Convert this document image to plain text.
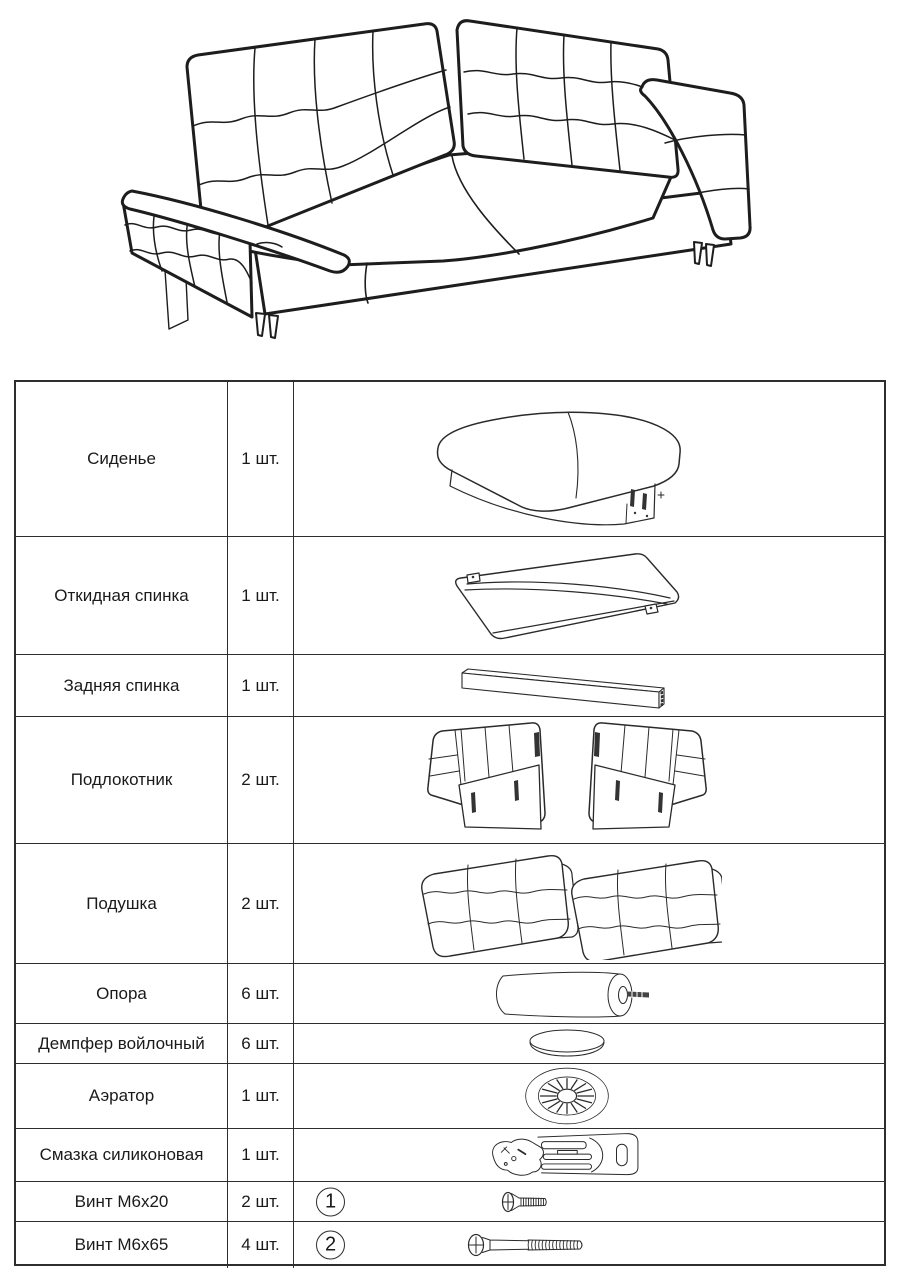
Сиденье	1 шт.
Откидная спинка	1 шт.
Задняя спинка	1 шт.
Подлокотник	2 шт.
Подушка	2 шт.
Опора	6 шт.
Демпфер войлочный 6 шт.
Аэратор	1 шт.
Смазка силиконовая 1 шт.
Винт М6х20	2 шт. 1
Винт М6х65	4 шт. 2
